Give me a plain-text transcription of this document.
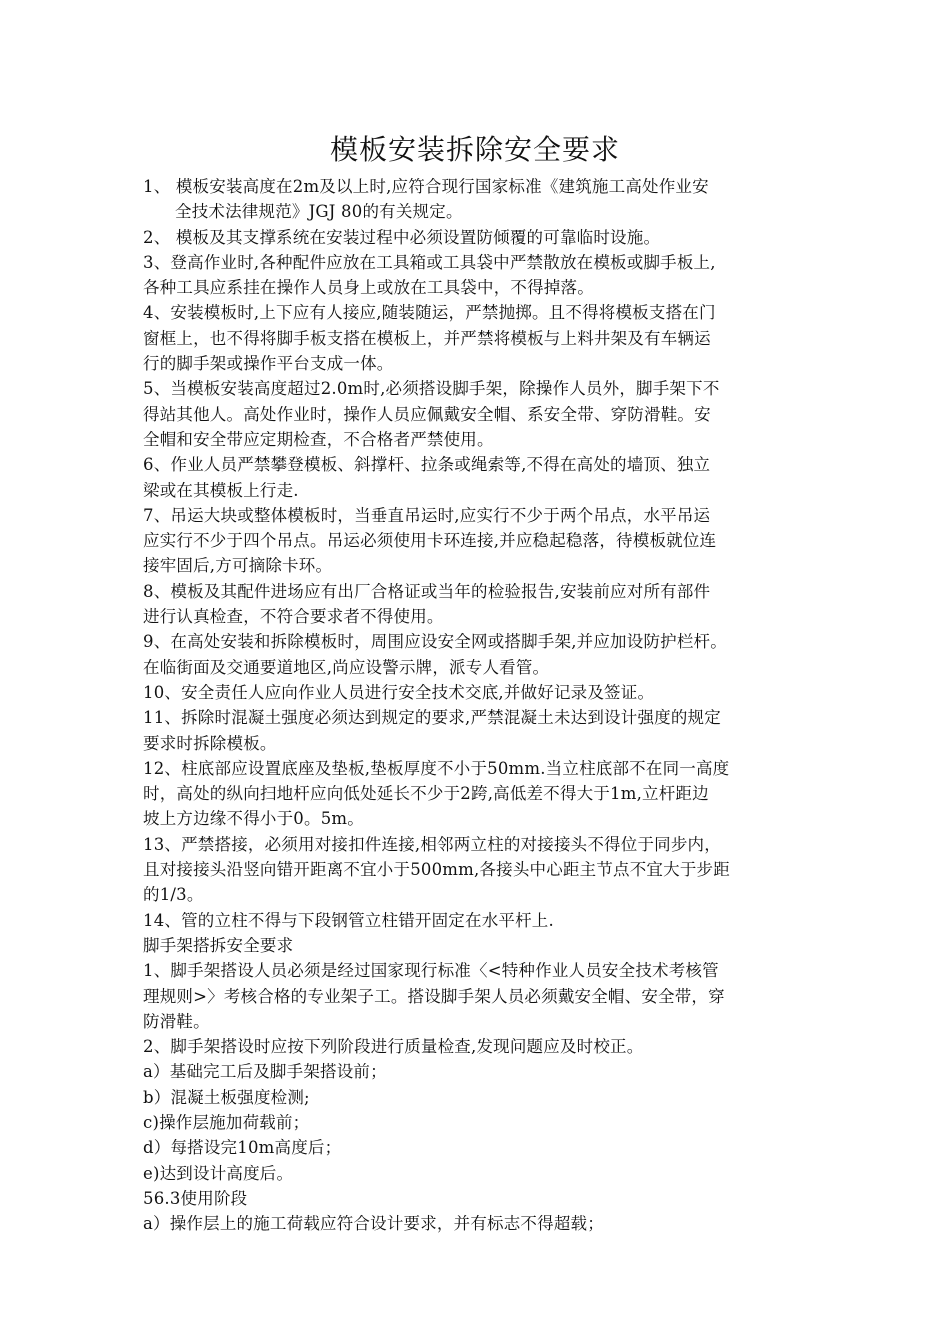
模板安装拆除安全要求
1、 模板安装高度在2m及以上时,应符合现行国家标准《建筑施工高处作业安
全技术法律规范》JGJ 80的有关规定。
2、 模板及其支撑系统在安装过程中必须设置防倾覆的可靠临时设施。
3、登高作业时,各种配件应放在工具箱或工具袋中严禁散放在模板或脚手板上,
各种工具应系挂在操作人员身上或放在工具袋中，不得掉落。
4、安装模板时,上下应有人接应,随装随运，严禁抛掷。且不得将模板支搭在门
窗框上，也不得将脚手板支搭在模板上，并严禁将模板与上料井架及有车辆运
行的脚手架或操作平台支成一体。
5、当模板安装高度超过2.0m时,必须搭设脚手架，除操作人员外，脚手架下不
得站其他人。高处作业时，操作人员应佩戴安全帽、系安全带、穿防滑鞋。安
全帽和安全带应定期检查，不合格者严禁使用。
6、作业人员严禁攀登模板、斜撑杆、拉条或绳索等,不得在高处的墙顶、独立
梁或在其模板上行走.
7、吊运大块或整体模板时，当垂直吊运时,应实行不少于两个吊点，水平吊运
应实行不少于四个吊点。吊运必须使用卡环连接,并应稳起稳落，待模板就位连
接牢固后,方可摘除卡环。
8、模板及其配件进场应有出厂合格证或当年的检验报告,安装前应对所有部件
进行认真检查，不符合要求者不得使用。
9、在高处安装和拆除模板时，周围应设安全网或搭脚手架,并应加设防护栏杆。
在临街面及交通要道地区,尚应设警示牌，派专人看管。
10、安全责任人应向作业人员进行安全技术交底,并做好记录及签证。
11、拆除时混凝土强度必须达到规定的要求,严禁混凝土未达到设计强度的规定
要求时拆除模板。
12、柱底部应设置底座及垫板,垫板厚度不小于50mm.当立柱底部不在同一高度
时，高处的纵向扫地杆应向低处延长不少于2跨,高低差不得大于1m,立杆距边
坡上方边缘不得小于0。5m。
13、严禁搭接，必须用对接扣件连接,相邻两立柱的对接接头不得位于同步内，
且对接接头沿竖向错开距离不宜小于500mm,各接头中心距主节点不宜大于步距
的1/3。
14、管的立柱不得与下段钢管立柱错开固定在水平杆上.
脚手架搭拆安全要求
1、脚手架搭设人员必须是经过国家现行标准〈<特种作业人员安全技术考核管
理规则>〉考核合格的专业架子工。搭设脚手架人员必须戴安全帽、安全带，穿
防滑鞋。
2、脚手架搭设时应按下列阶段进行质量检查,发现问题应及时校正。
a）基础完工后及脚手架搭设前；
b）混凝土板强度检测;
c)操作层施加荷载前；
d）每搭设完10m高度后；
e)达到设计高度后。
56.3使用阶段
a）操作层上的施工荷载应符合设计要求，并有标志不得超载；
